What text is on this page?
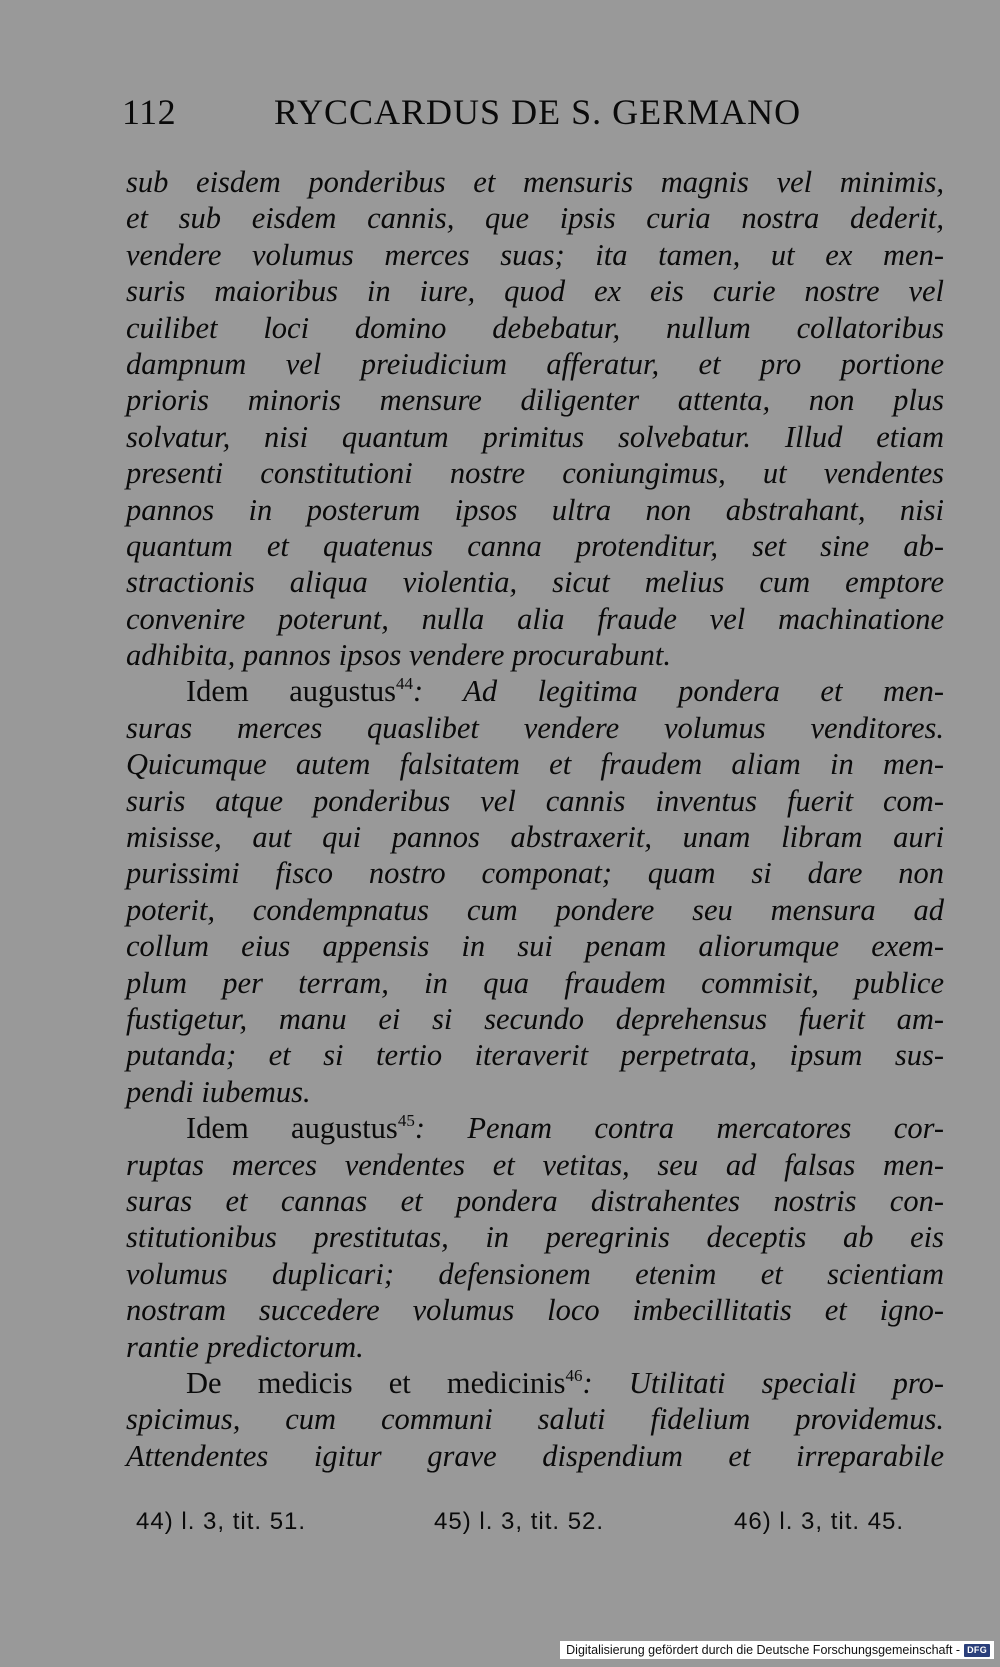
112	RYCCARDUS DE S. GERMANO
sub eisdem ponderibus et mensuris magnis vel minimis,
et sub eisdem cannis, que ipsis curia nostra dederit,
vendere volumus merces suas; ita tamen, ut ex men-
suris maioribus in iure, quod ex eis curie nostre vel
cuilibet loci domino debebatur, nullum collatoribus
dampnum vel preiudicium afferatur, et pro portione
prioris minoris mensure diligenter attenta, non plus
solvatur, nisi quantum primitus solvebatur. Illud etiam
presenti constitutioni nostre coniungimus, ut vendentes
pannos in posterum ipsos ultra non abstrahant, nisi
quantum et quatenus canna protenditur, set sine ab-
stractionis aliqua violentia, sicut melius cum emptore
convenire poterunt, nulla alia fraude vel machinatione
adhibita, pannos ipsos vendere procurabunt.
Idem augustus$^{44}$: Ad legitima pondera et men-
suras merces quaslibet vendere volumus venditores.
Quicumque autem falsitatem et fraudem aliam in men-
suris atque ponderibus vel cannis inventus fuerit com-
misisse, aut qui pannos abstraxerit, unam libram auri
purissimi fisco nostro componat; quam si dare non
poterit, condempnatus cum pondere seu mensura ad
collum eius appensis in sui penam aliorumque exem-
plum per terram, in qua fraudem commisit, publice
fustigetur, manu ei si secundo deprehensus fuerit am-
putanda; et si tertio iteraverit perpetrata, ipsum sus-
pendi iubemus.
Idem augustus$^{45}$: Penam contra mercatores cor-
ruptas merces vendentes et vetitas, seu ad falsas men-
suras et cannas et pondera distrahentes nostris con-
stitutionibus prestitutas, in peregrinis deceptis ab eis
volumus duplicari; defensionem etenim et scientiam
nostram succedere volumus loco imbecillitatis et igno-
rantie predictorum.
De medicis et medicinis$^{46}$: Utilitati speciali pro-
spicimus, cum communi saluti fidelium providemus.
Attendentes igitur grave dispendium et irreparabile
44) l. 3, tit. 51.	45) l. 3, tit. 52.	46) l. 3, tit. 45.
Digitalisierung gefördert durch die Deutsche Forschungsgemeinschaft - DFG
